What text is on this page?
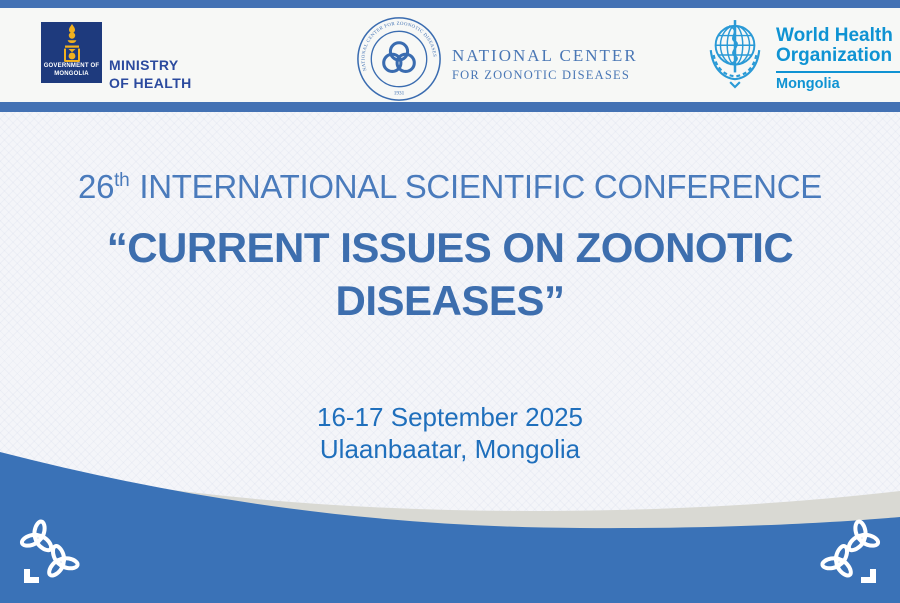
GOVERNMENT OF
MONGOLIA
MINISTRY
OF HEALTH
NATIONAL CENTER FOR ZOONOTIC DISEASES
1931
NATIONAL CENTER
FOR ZOONOTIC DISEASES
World Health
Organization
Mongolia
26th INTERNATIONAL SCIENTIFIC CONFERENCE
“CURRENT ISSUES ON ZOONOTIC
DISEASES”
16-17 September 2025
Ulaanbaatar, Mongolia
